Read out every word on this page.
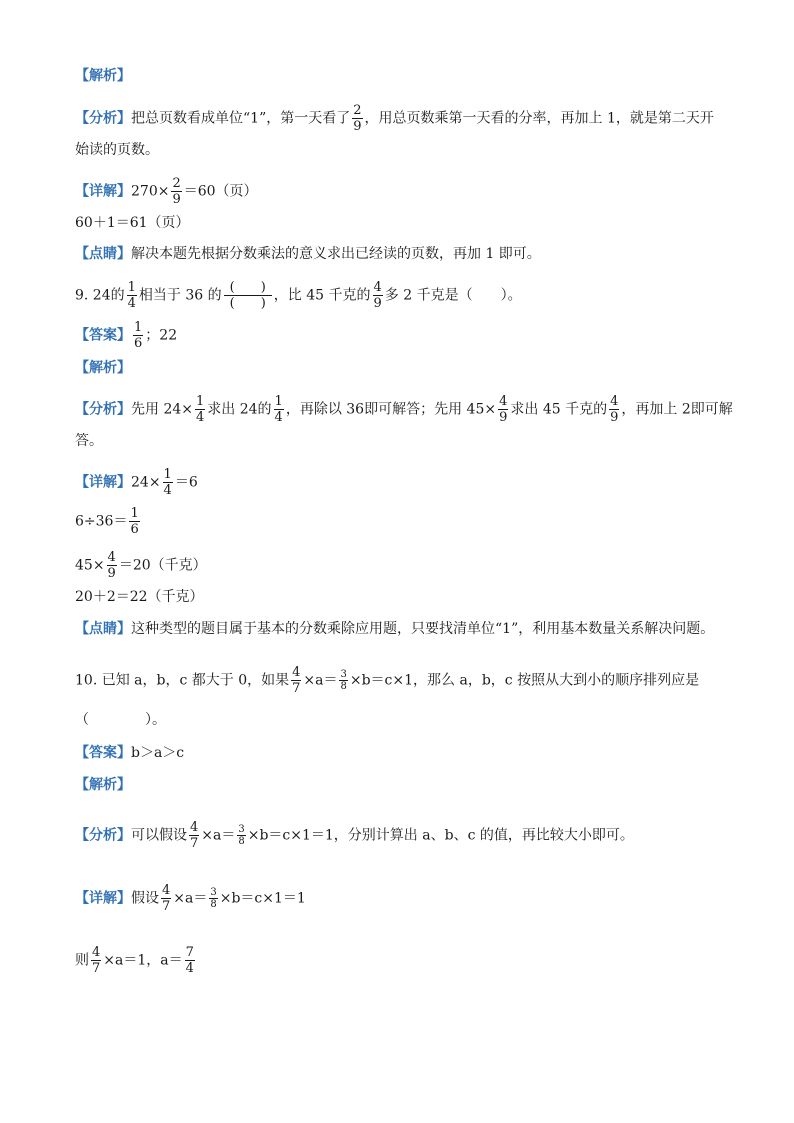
【解析】
【分析】把总页数看成单位“1”，第一天看了 $\frac{2}{9}$ ，用总页数乘第一天看的分率，再加上 1，就是第二天开
始读的页数。
【详解】$270\times \frac{2}{9} =60$（页）
60＋1＝61（页）
【点睛】解决本题先根据分数乘法的意义求出已经读的页数，再加 1 即可。
9. 24的 $\frac{1}{4}$ 相当于 36 的 $\frac{( )}{( )}$ ，比 45 千克的 $\frac{4}{9}$ 多 2 千克是（　　）。
【答案】 $\frac{1}{6}$ ；22
【解析】
【分析】先用 $24\times \frac{1}{4}$ 求出 24的 $\frac{1}{4}$ ，再除以 36即可解答；先用 $45\times \frac{4}{9}$ 求出 45 千克的 $\frac{4}{9}$ ，再加上 2即可解
答。
【详解】$24\times \frac{1}{4} =6$
$6\div 36= \frac{1}{6}$
$45\times \frac{4}{9} =20$（千克）
20＋2＝22（千克）
【点睛】这种类型的题目属于基本的分数乘除应用题，只要找清单位“1”，利用基本数量关系解决问题。
10. 已知 a，b，c 都大于 0，如果 $\frac{4}{7} \times a= \frac{3}{8} \times b=c\times 1$，那么 a，b，c 按照从大到小的顺序排列应是
（　　　　）。
【答案】b＞a＞c
【解析】
【分析】可以假设 $\frac{4}{7} \times a= \frac{3}{8} \times b=c\times 1=1$，分别计算出 a、b、c 的值，再比较大小即可。
【详解】假设 $\frac{4}{7} \times a= \frac{3}{8} \times b=c\times 1=1$
则 $\frac{4}{7} \times a=1$，$a= \frac{7}{4}$
